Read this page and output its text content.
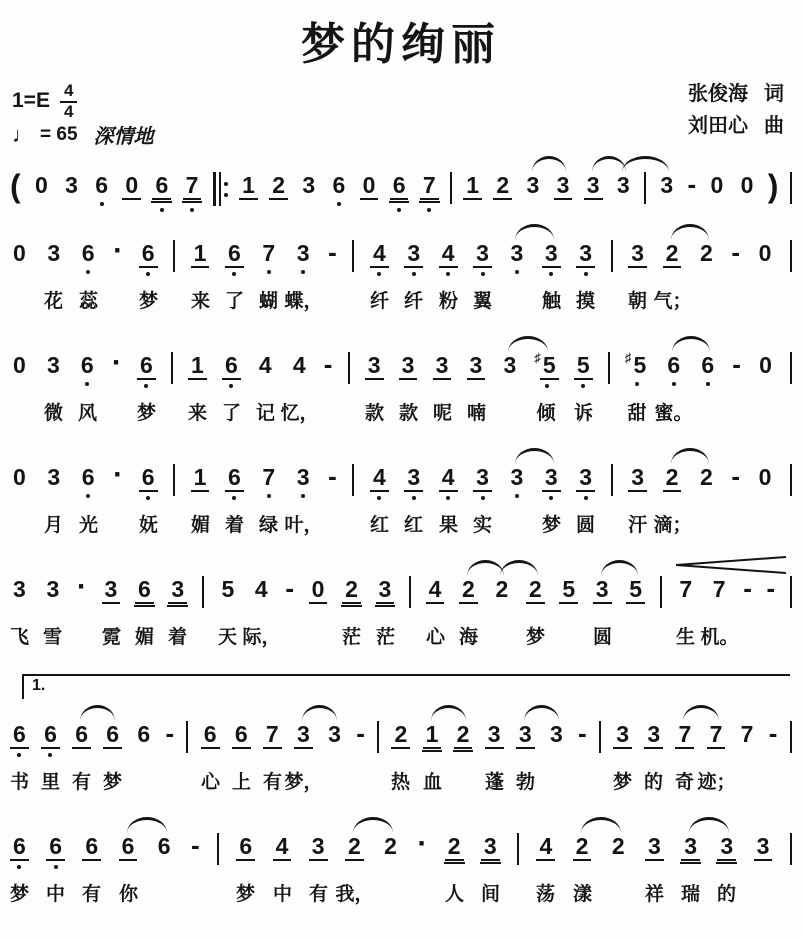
梦的绚丽
$1=E \frac{4}{4}$
♩ = 65 深情地
张俊海 词
刘田心 曲
( 0 3 6 0 6 7 1 2 3 6 0 6 7 1 2 3 3 3 3 3 - 0 0 )
0 3 6 · 6 1 6 7 3 - 4 3 4 3 3 3 3 3 2 2 - 0
花 蕊 梦 来 了 蝴 蝶， 纤 纤 粉 翼	触 摸 朝 气；
0 3 6 · 6 1 6 4 4 - 3 3 3 3 3 ♯ 5 5	♯ 5 6 6 - 0
微 风 梦 来 了 记 忆， 款 款 呢 喃	倾 诉 甜 蜜。
0 3 6 · 6 1 6 7 3 - 4 3 4 3 3 3 3 3 2 2 - 0
月 光 妩 媚 着 绿 叶， 红 红 果 实	梦 圆 汗 滴；
3 3 · 3 6 3 5 4 - 0 2 3 4 2 2 2 5 3 5 7 7 - -
飞 雪 霓 媚 着 天 际，	茫 茫 心 海	梦	圆	生 机。
1.
6 6 6 6 6 - 6 6 7 3 3 - 2 1 2 3 3 3 - 3 3 7 7 7 -
书 里 有 梦	心 上 有 梦，	热 血 蓬 勃	梦 的 奇 迹；
6 6 6 6 6 - 6 4 3 2 2 · 2 3 4 2 2 3 3 3 3
梦 中 有 你	梦 中 有 我，	人 间 荡 漾	祥 瑞 的
